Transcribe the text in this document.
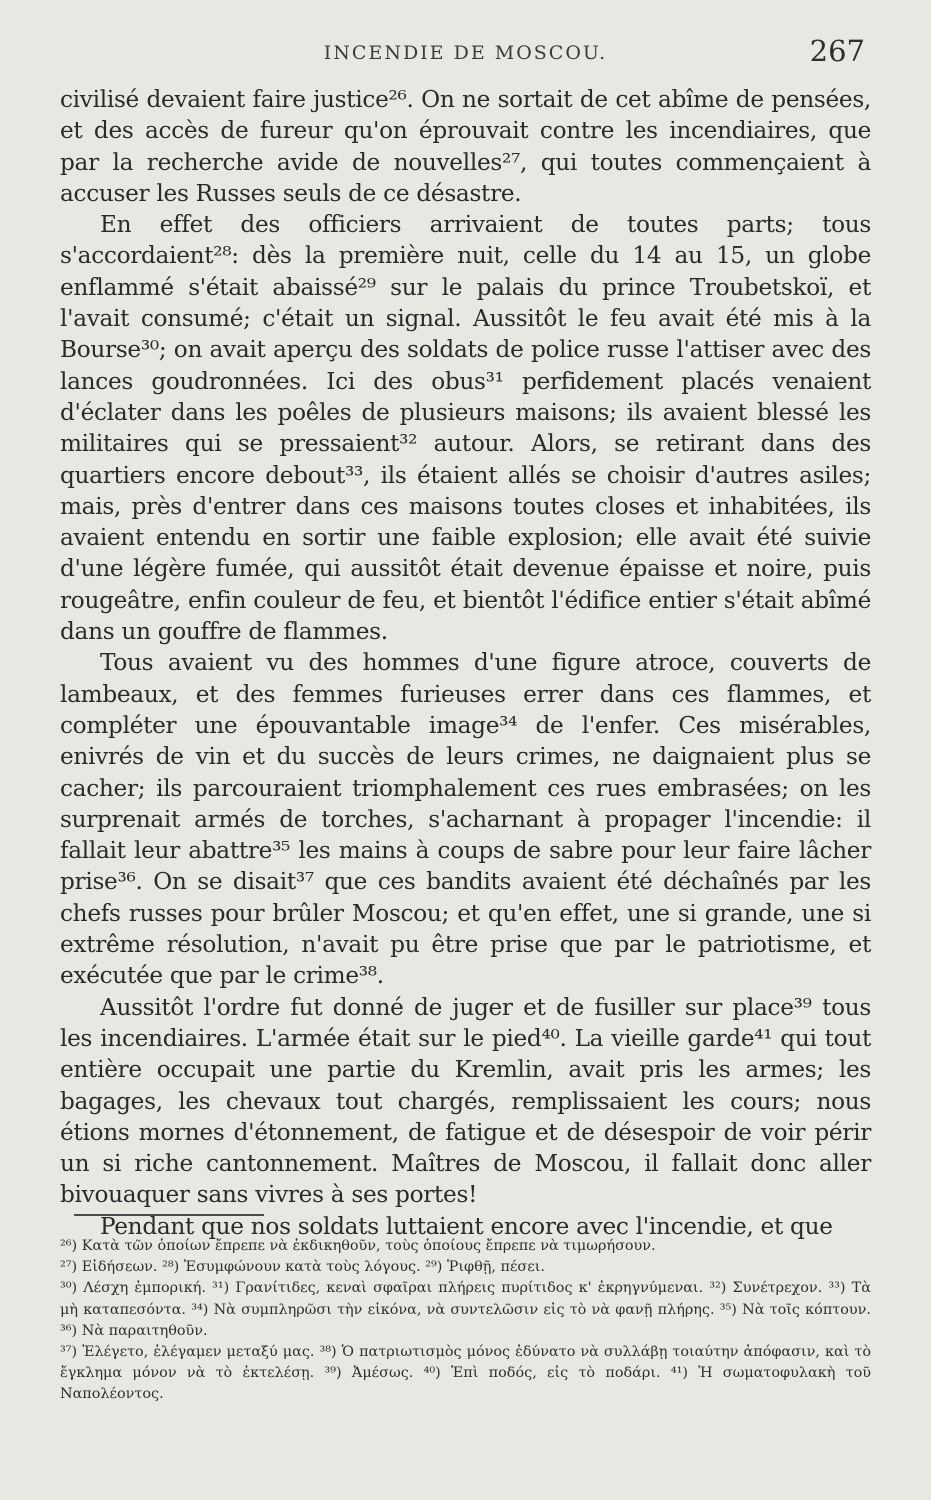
INCENDIE DE MOSCOU.	267

civilisé devaient faire justice²⁶. On ne sortait de cet abîme de pensées, et des accès de fureur qu'on éprouvait contre les incendiaires, que par la recherche avide de nouvelles²⁷, qui toutes commençaient à accuser les Russes seuls de ce désastre.

En effet des officiers arrivaient de toutes parts; tous s'accordaient²⁸: dès la première nuit, celle du 14 au 15, un globe enflammé s'était abaissé²⁹ sur le palais du prince Troubetskoï, et l'avait consumé; c'était un signal. Aussitôt le feu avait été mis à la Bourse³⁰; on avait aperçu des soldats de police russe l'attiser avec des lances goudronnées. Ici des obus³¹ perfidement placés venaient d'éclater dans les poêles de plusieurs maisons; ils avaient blessé les militaires qui se pressaient³² autour. Alors, se retirant dans des quartiers encore debout³³, ils étaient allés se choisir d'autres asiles; mais, près d'entrer dans ces maisons toutes closes et inhabitées, ils avaient entendu en sortir une faible explosion; elle avait été suivie d'une légère fumée, qui aussitôt était devenue épaisse et noire, puis rougeâtre, enfin couleur de feu, et bientôt l'édifice entier s'était abîmé dans un gouffre de flammes.

Tous avaient vu des hommes d'une figure atroce, couverts de lambeaux, et des femmes furieuses errer dans ces flammes, et compléter une épouvantable image³⁴ de l'enfer. Ces misérables, enivrés de vin et du succès de leurs crimes, ne daignaient plus se cacher; ils parcouraient triomphalement ces rues embrasées; on les surprenait armés de torches, s'acharnant à propager l'incendie: il fallait leur abattre³⁵ les mains à coups de sabre pour leur faire lâcher prise³⁶. On se disait³⁷ que ces bandits avaient été déchaînés par les chefs russes pour brûler Moscou; et qu'en effet, une si grande, une si extrême résolution, n'avait pu être prise que par le patriotisme, et exécutée que par le crime³⁸.

Aussitôt l'ordre fut donné de juger et de fusiller sur place³⁹ tous les incendiaires. L'armée était sur le pied⁴⁰. La vieille garde⁴¹ qui tout entière occupait une partie du Kremlin, avait pris les armes; les bagages, les chevaux tout chargés, remplissaient les cours; nous étions mornes d'étonnement, de fatigue et de désespoir de voir périr un si riche cantonnement. Maîtres de Moscou, il fallait donc aller bivouaquer sans vivres à ses portes!

Pendant que nos soldats luttaient encore avec l'incendie, et que

²⁶) Κατὰ τῶν ὁποίων ἔπρεπε νὰ ἐκδικηθοῦν, τοὺς ὁποίους ἔπρεπε νὰ τιμωρήσουν.

²⁷) Εἰδήσεων. ²⁸) Ἐσυμφώνουν κατὰ τοὺς λόγους. ²⁹) Ῥιφθῇ, πέσει.

³⁰) Λέσχη ἐμπορική. ³¹) Γρανίτιδες, κεναὶ σφαῖραι πλήρεις πυρίτιδος κ' ἐκρηγνύμεναι. ³²) Συνέτρεχον. ³³) Τὰ μὴ καταπεσόντα. ³⁴) Νὰ συμπληρῶσι τὴν εἰκόνα, νὰ συντελῶσιν εἰς τὸ νὰ φανῇ πλήρης. ³⁵) Νὰ τοῖς κόπτουν. ³⁶) Νὰ παραιτηθοῦν.

³⁷) Ἐλέγετο, ἐλέγαμεν μεταξύ μας. ³⁸) Ὁ πατριωτισμὸς μόνος ἐδύνατο νὰ συλλάβῃ τοιαύτην ἀπόφασιν, καὶ τὸ ἔγκλημα μόνον νὰ τὸ ἐκτελέσῃ. ³⁹) Ἀμέσως. ⁴⁰) Ἐπὶ ποδός, εἰς τὸ ποδάρι. ⁴¹) Ἡ σωματοφυλακὴ τοῦ Ναπολέοντος.
